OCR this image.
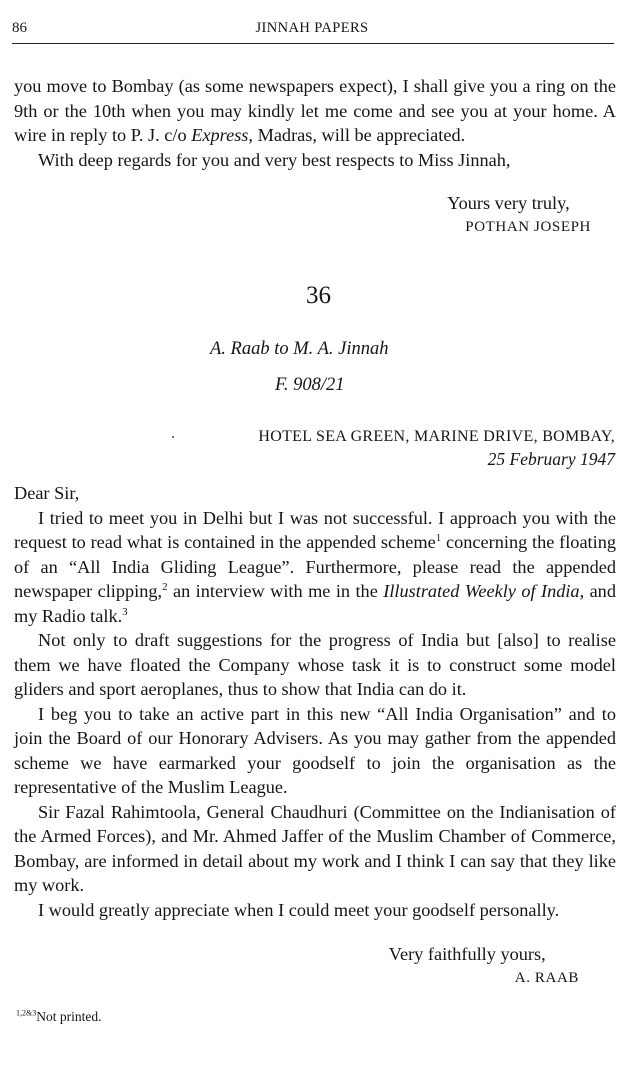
86	JINNAH PAPERS

you move to Bombay (as some newspapers expect), I shall give you a ring on the 9th or the 10th when you may kindly let me come and see you at your home. A wire in reply to P. J. c/o Express, Madras, will be appreciated.

With deep regards for you and very best respects to Miss Jinnah,

Yours very truly,
POTHAN JOSEPH
36
A. Raab to M. A. Jinnah
F. 908/21
HOTEL SEA GREEN, MARINE DRIVE, BOMBAY,
25 February 1947

Dear Sir,

I tried to meet you in Delhi but I was not successful. I approach you with the request to read what is contained in the appended scheme$^1$ concerning the floating of an “All India Gliding League”. Furthermore, please read the appended newspaper clipping,$^2$ an interview with me in the Illustrated Weekly of India, and my Radio talk.$^3$

Not only to draft suggestions for the progress of India but [also] to realise them we have floated the Company whose task it is to construct some model gliders and sport aeroplanes, thus to show that India can do it.

I beg you to take an active part in this new “All India Organisation” and to join the Board of our Honorary Advisers. As you may gather from the appended scheme we have earmarked your goodself to join the organisation as the representative of the Muslim League.

Sir Fazal Rahimtoola, General Chaudhuri (Committee on the Indianisation of the Armed Forces), and Mr. Ahmed Jaffer of the Muslim Chamber of Commerce, Bombay, are informed in detail about my work and I think I can say that they like my work.

I would greatly appreciate when I could meet your goodself personally.

Very faithfully yours,
A. RAAB
$^{1,2\&3}$Not printed.
